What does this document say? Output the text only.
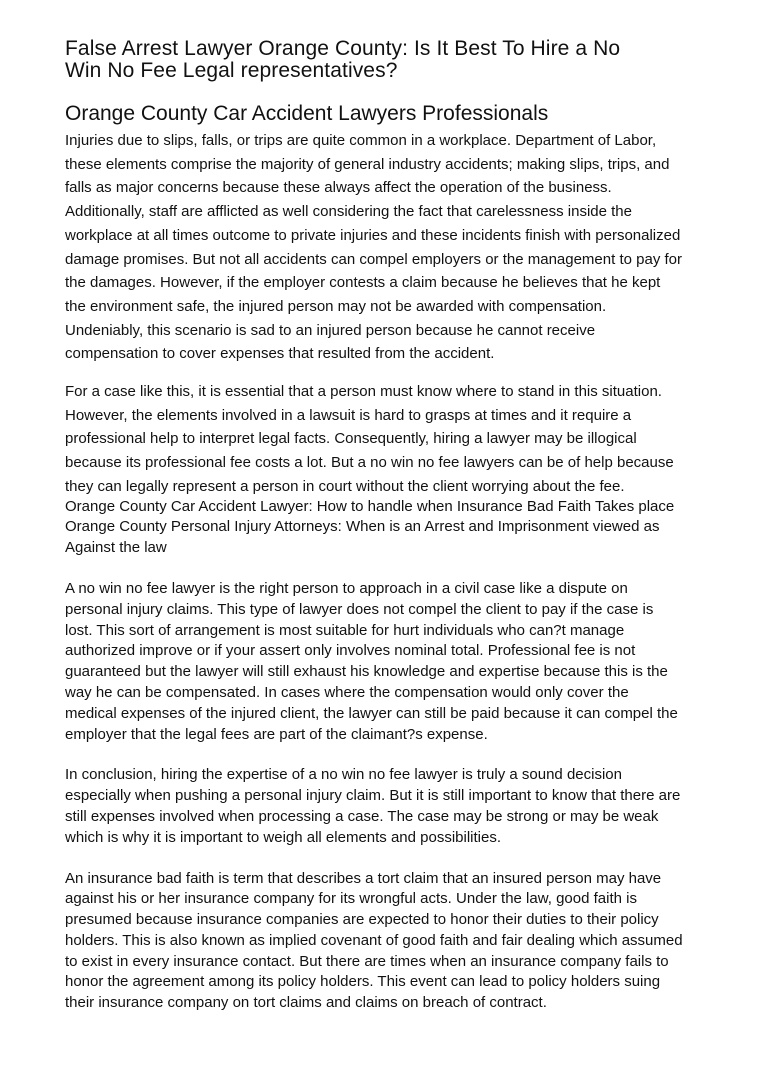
False Arrest Lawyer Orange County: Is It Best To Hire a No
Win No Fee Legal representatives?
Orange County Car Accident Lawyers Professionals

Injuries due to slips, falls, or trips are quite common in a workplace. Department of Labor,
these elements comprise the majority of general industry accidents; making slips, trips, and
falls as major concerns because these always affect the operation of the business.
Additionally, staff are afflicted as well considering the fact that carelessness inside the
workplace at all times outcome to private injuries and these incidents finish with personalized
damage promises. But not all accidents can compel employers or the management to pay for
the damages. However, if the employer contests a claim because he believes that he kept
the environment safe, the injured person may not be awarded with compensation.
Undeniably, this scenario is sad to an injured person because he cannot receive
compensation to cover expenses that resulted from the accident.

For a case like this, it is essential that a person must know where to stand in this situation.
However, the elements involved in a lawsuit is hard to grasps at times and it require a
professional help to interpret legal facts. Consequently, hiring a lawyer may be illogical
because its professional fee costs a lot. But a no win no fee lawyers can be of help because
they can legally represent a person in court without the client worrying about the fee.

Orange County Car Accident Lawyer: How to handle when Insurance Bad Faith Takes place
Orange County Personal Injury Attorneys: When is an Arrest and Imprisonment viewed as
Against the law
A no win no fee lawyer is the right person to approach in a civil case like a dispute on
personal injury claims. This type of lawyer does not compel the client to pay if the case is
lost. This sort of arrangement is most suitable for hurt individuals who can?t manage
authorized improve or if your assert only involves nominal total. Professional fee is not
guaranteed but the lawyer will still exhaust his knowledge and expertise because this is the
way he can be compensated. In cases where the compensation would only cover the
medical expenses of the injured client, the lawyer can still be paid because it can compel the
employer that the legal fees are part of the claimant?s expense.
In conclusion, hiring the expertise of a no win no fee lawyer is truly a sound decision
especially when pushing a personal injury claim. But it is still important to know that there are
still expenses involved when processing a case. The case may be strong or may be weak
which is why it is important to weigh all elements and possibilities.
An insurance bad faith is term that describes a tort claim that an insured person may have
against his or her insurance company for its wrongful acts. Under the law, good faith is
presumed because insurance companies are expected to honor their duties to their policy
holders. This is also known as implied covenant of good faith and fair dealing which assumed
to exist in every insurance contact. But there are times when an insurance company fails to
honor the agreement among its policy holders. This event can lead to policy holders suing
their insurance company on tort claims and claims on breach of contract.
